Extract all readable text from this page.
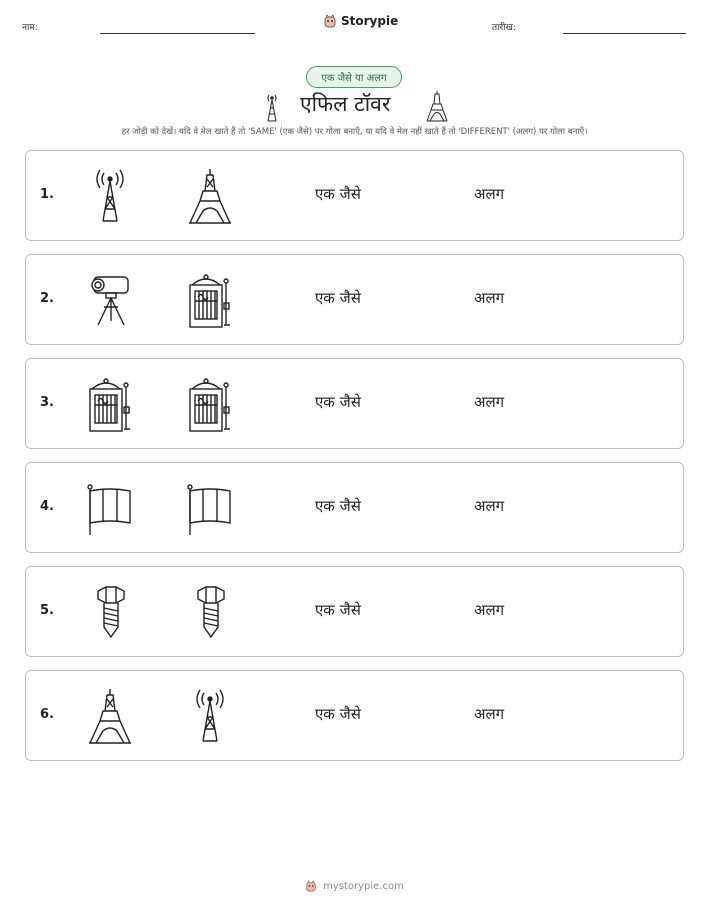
नाम:	Storypie	तारीख:
एक जैसे या अलग
एफिल टॉवर
हर जोड़ी को देखें। यदि वे मेल खाते हैं तो 'SAME' (एक जैसे) पर गोला बनाएँ, या यदि वे मेल नहीं खाते हैं तो 'DIFFERENT' (अलग) पर गोला बनाएँ।
1.	एक जैसे	अलग
2.	एक जैसे	अलग
3.	एक जैसे	अलग
4.	एक जैसे	अलग
5.	एक जैसे	अलग
6.	एक जैसे	अलग
mystorypie.com
